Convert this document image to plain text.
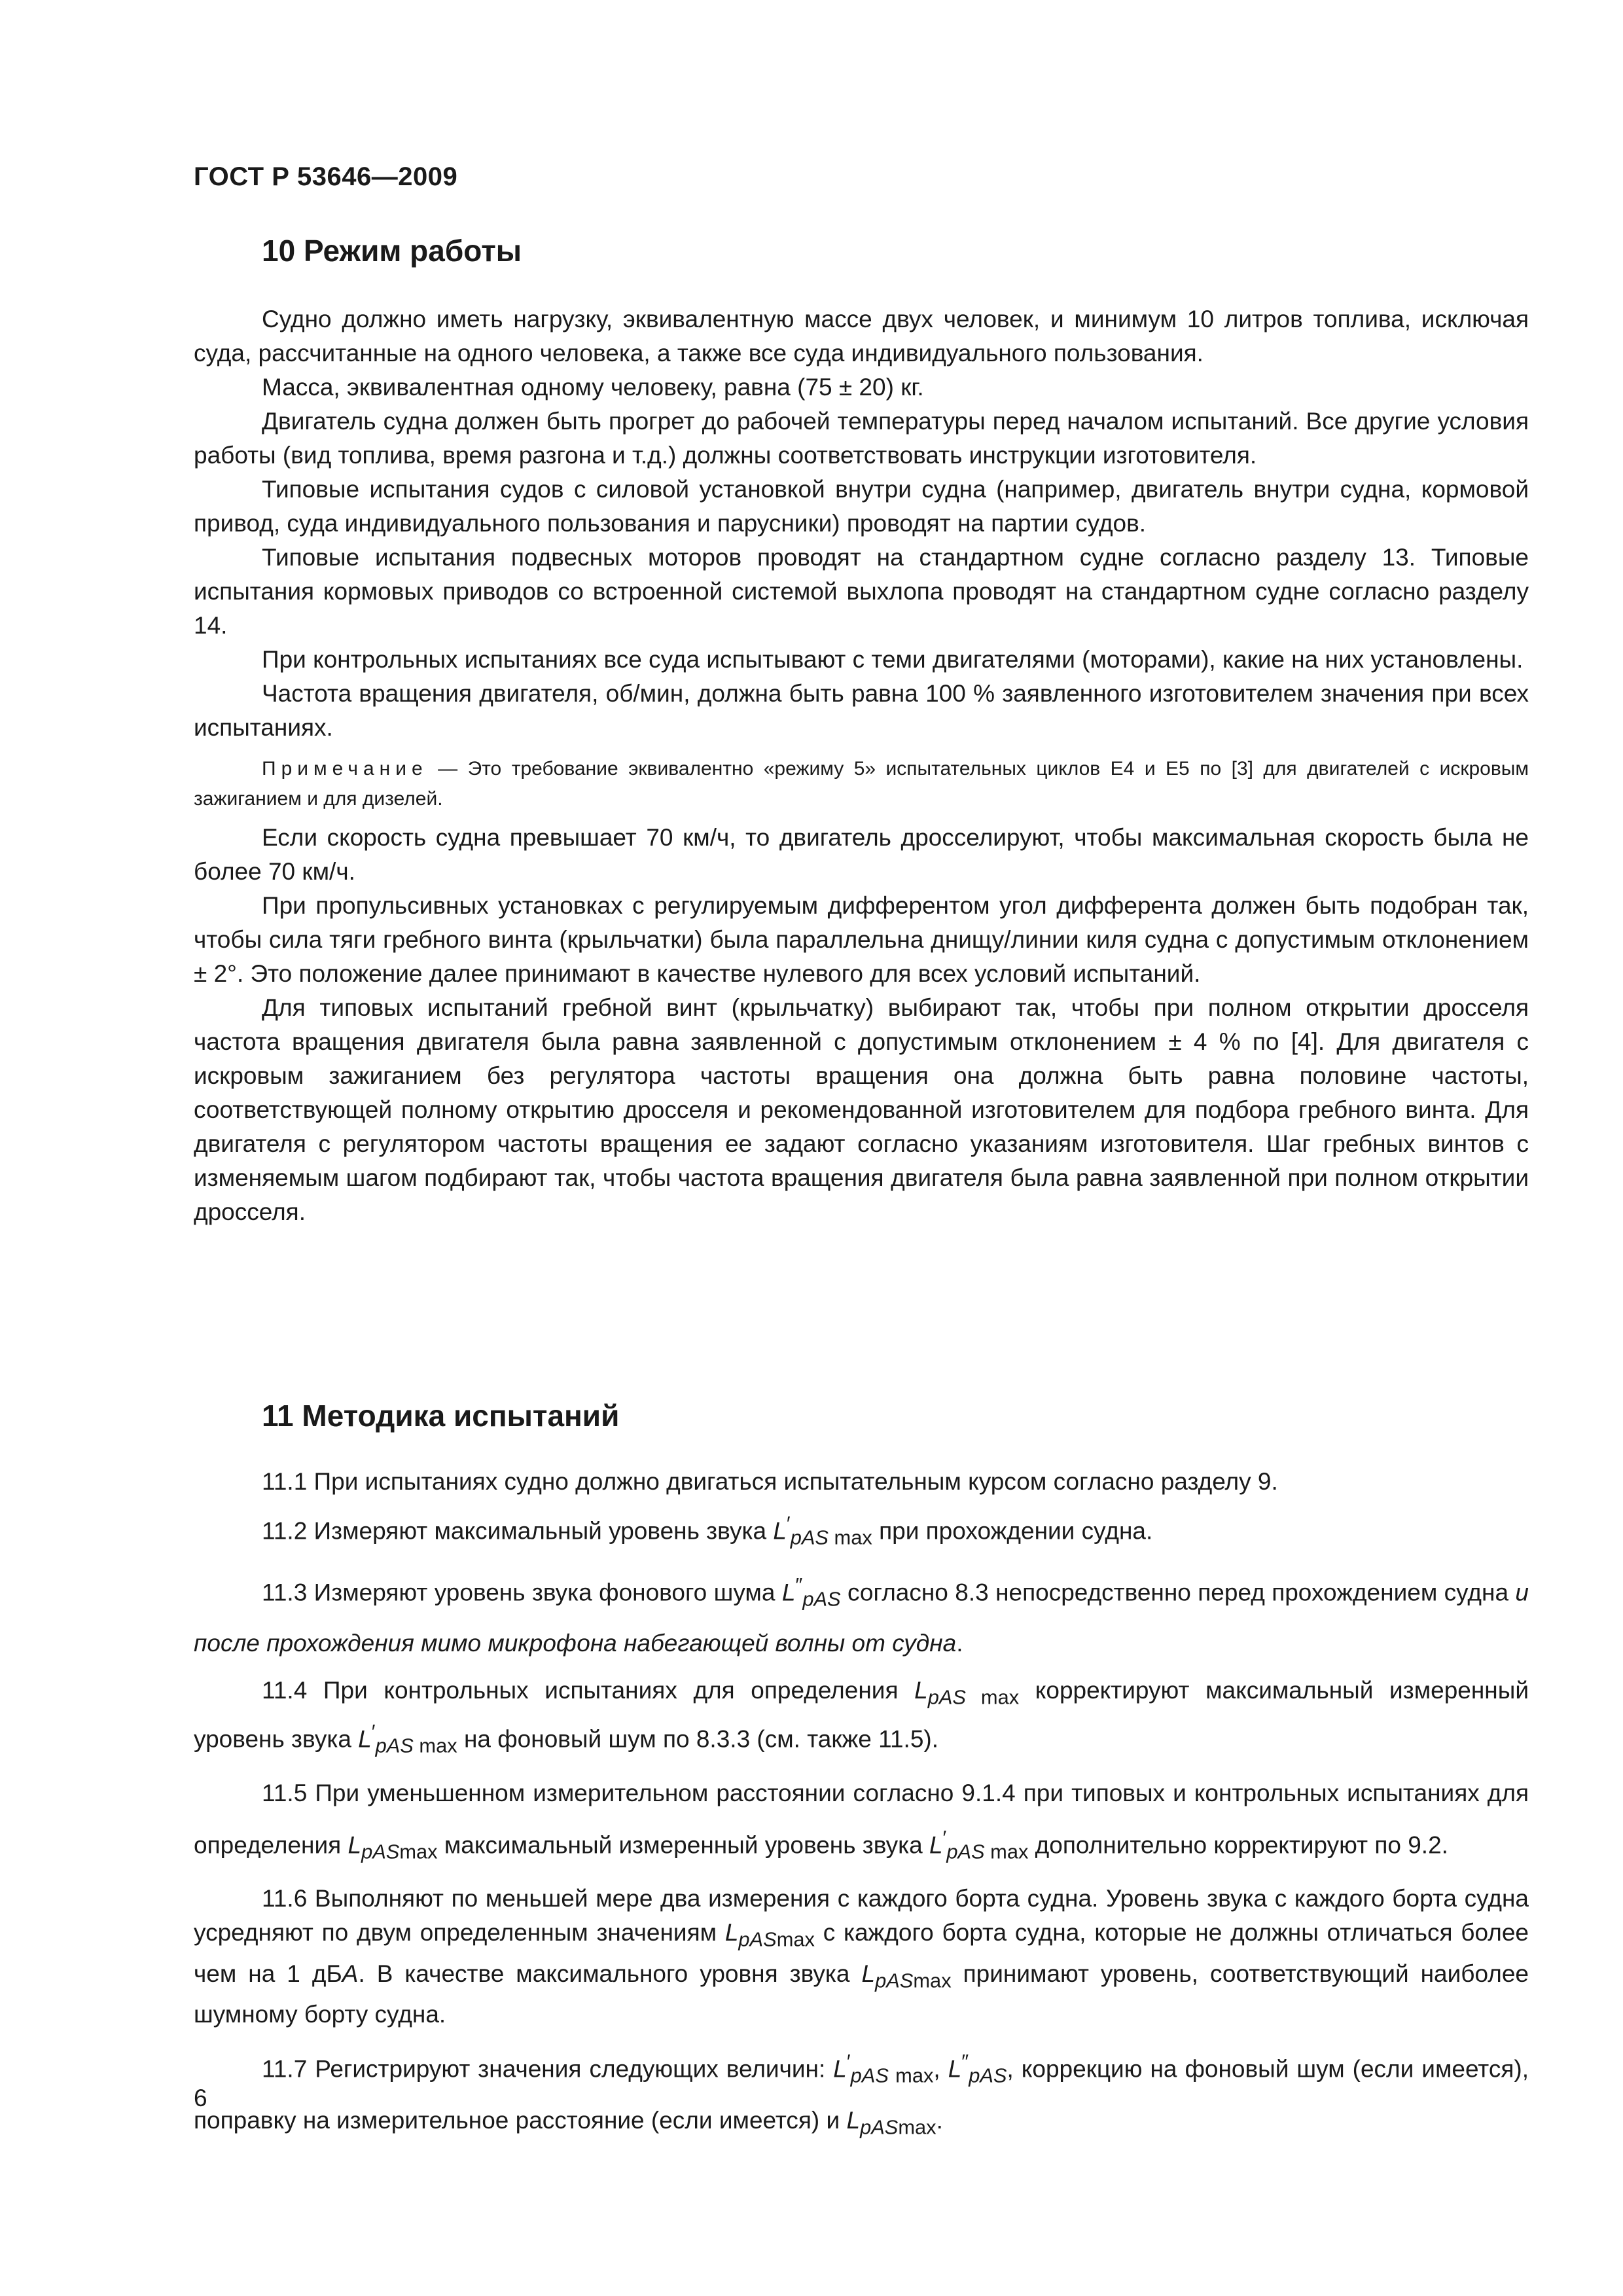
ГОСТ Р 53646—2009
10 Режим работы

Судно должно иметь нагрузку, эквивалентную массе двух человек, и минимум 10 литров топлива, исключая суда, рассчитанные на одного человека, а также все суда индивидуального пользования.

Масса, эквивалентная одному человеку, равна (75 ± 20) кг.

Двигатель судна должен быть прогрет до рабочей температуры перед началом испытаний. Все другие условия работы (вид топлива, время разгона и т.д.) должны соответствовать инструкции изготовителя.

Типовые испытания судов с силовой установкой внутри судна (например, двигатель внутри судна, кормовой привод, суда индивидуального пользования и парусники) проводят на партии судов.

Типовые испытания подвесных моторов проводят на стандартном судне согласно разделу 13. Типовые испытания кормовых приводов со встроенной системой выхлопа проводят на стандартном судне согласно разделу 14.

При контрольных испытаниях все суда испытывают с теми двигателями (моторами), какие на них установлены.

Частота вращения двигателя, об/мин, должна быть равна 100 % заявленного изготовителем значения при всех испытаниях.

Примечание — Это требование эквивалентно «режиму 5» испытательных циклов Е4 и Е5 по [3] для двигателей с искровым зажиганием и для дизелей.

Если скорость судна превышает 70 км/ч, то двигатель дросселируют, чтобы максимальная скорость была не более 70 км/ч.

При пропульсивных установках с регулируемым дифферентом угол дифферента должен быть подобран так, чтобы сила тяги гребного винта (крыльчатки) была параллельна днищу/линии киля судна с допустимым отклонением ± 2°. Это положение далее принимают в качестве нулевого для всех условий испытаний.

Для типовых испытаний гребной винт (крыльчатку) выбирают так, чтобы при полном открытии дросселя частота вращения двигателя была равна заявленной с допустимым отклонением ± 4 % по [4]. Для двигателя с искровым зажиганием без регулятора частоты вращения она должна быть равна половине частоты, соответствующей полному открытию дросселя и рекомендованной изготовителем для подбора гребного винта. Для двигателя с регулятором частоты вращения ее задают согласно указаниям изготовителя. Шаг гребных винтов с изменяемым шагом подбирают так, чтобы частота вращения двигателя была равна заявленной при полном открытии дросселя.

11 Методика испытаний

11.1 При испытаниях судно должно двигаться испытательным курсом согласно разделу 9.

11.2 Измеряют максимальный уровень звука $L'_{pAS max}$ при прохождении судна.

11.3 Измеряют уровень звука фонового шума $L''_{pAS}$ согласно 8.3 непосредственно перед прохождением судна и после прохождения мимо микрофона набегающей волны от судна.

11.4 При контрольных испытаниях для определения $L_{pAS max}$ корректируют максимальный измеренный уровень звука $L'_{pAS max}$ на фоновый шум по 8.3.3 (см. также 11.5).

11.5 При уменьшенном измерительном расстоянии согласно 9.1.4 при типовых и контрольных испытаниях для определения $L_{pASmax}$ максимальный измеренный уровень звука $L'_{pAS max}$ дополнительно корректируют по 9.2.

11.6 Выполняют по меньшей мере два измерения с каждого борта судна. Уровень звука с каждого борта судна усредняют по двум определенным значениям $L_{pASmax}$ с каждого борта судна, которые не должны отличаться более чем на 1 дБА. В качестве максимального уровня звука $L_{pASmax}$ принимают уровень, соответствующий наиболее шумному борту судна.

11.7 Регистрируют значения следующих величин: $L'_{pAS max}$, $L''_{pAS}$, коррекцию на фоновый шум (если имеется), поправку на измерительное расстояние (если имеется) и $L_{pASmax}$.

6
